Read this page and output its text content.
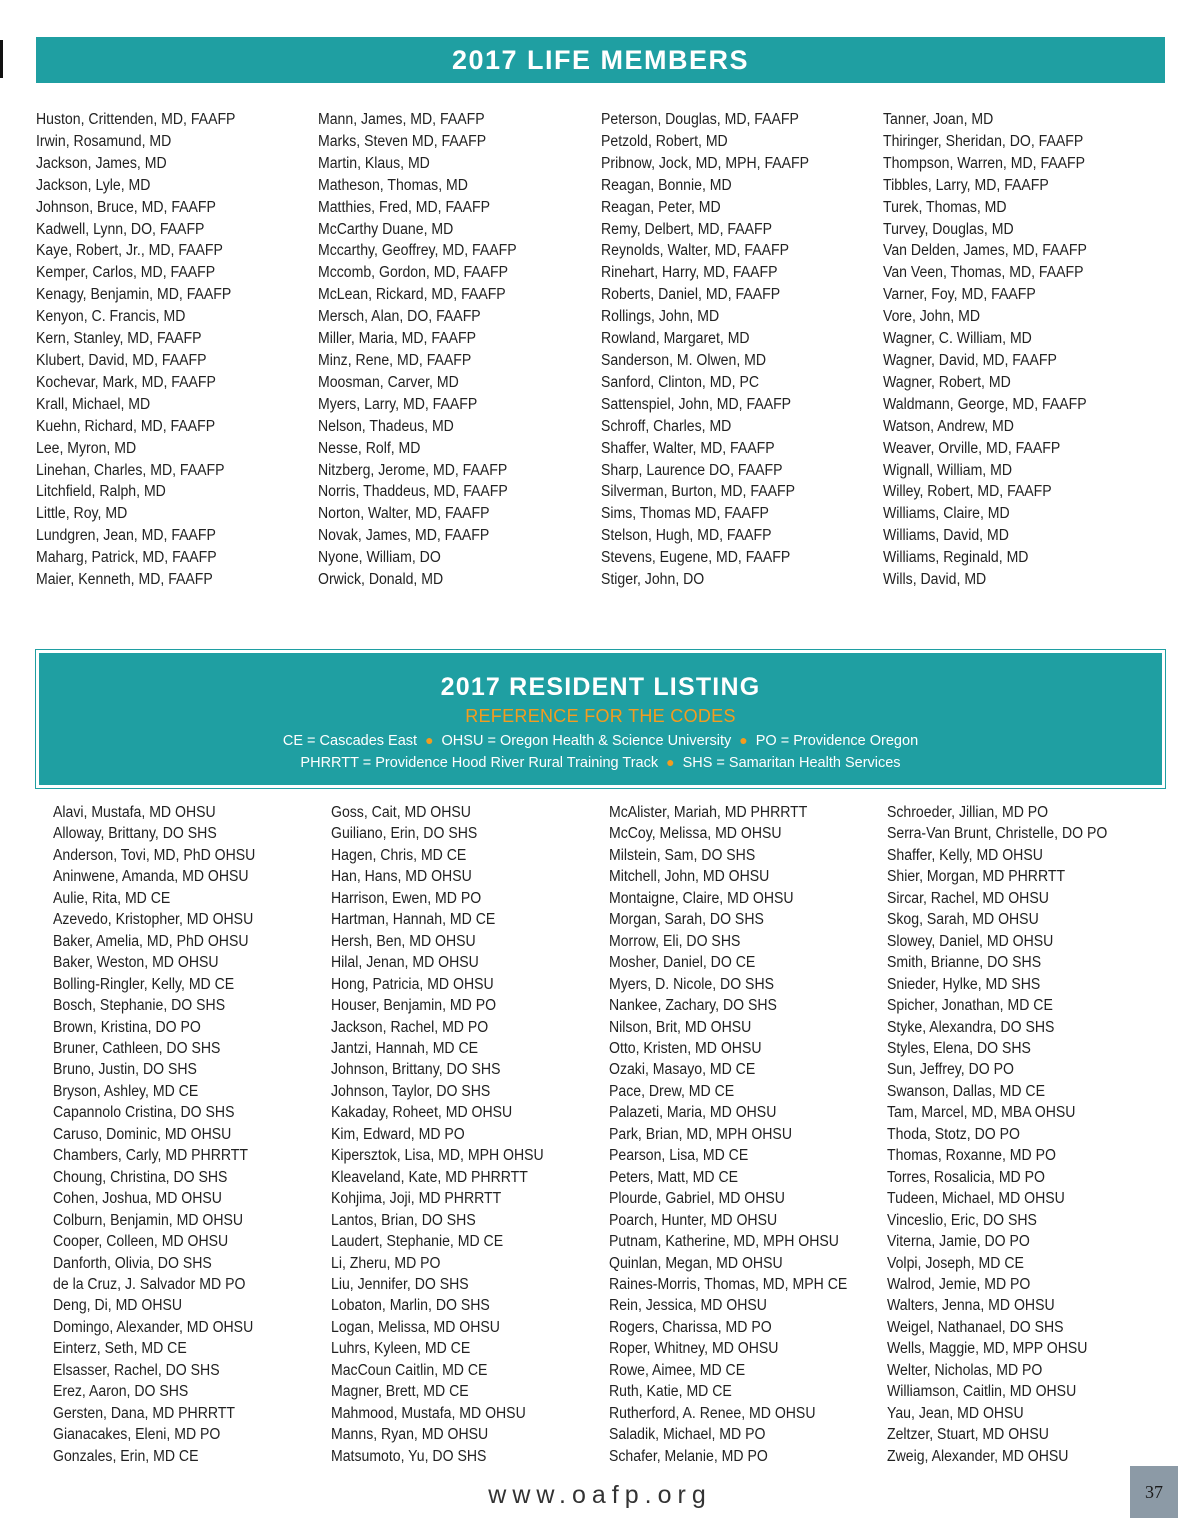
2017 LIFE MEMBERS
Huston, Crittenden, MD, FAAFP
Irwin, Rosamund, MD
Jackson, James, MD
Jackson, Lyle, MD
Johnson, Bruce, MD, FAAFP
Kadwell, Lynn, DO, FAAFP
Kaye, Robert, Jr., MD, FAAFP
Kemper, Carlos, MD, FAAFP
Kenagy, Benjamin, MD, FAAFP
Kenyon, C. Francis, MD
Kern, Stanley, MD, FAAFP
Klubert, David, MD, FAAFP
Kochevar, Mark, MD, FAAFP
Krall, Michael, MD
Kuehn, Richard, MD, FAAFP
Lee, Myron, MD
Linehan, Charles, MD, FAAFP
Litchfield, Ralph, MD
Little, Roy, MD
Lundgren, Jean, MD, FAAFP
Maharg, Patrick, MD, FAAFP
Maier, Kenneth, MD, FAAFP
Mann, James, MD, FAAFP
Marks, Steven MD, FAAFP
Martin, Klaus, MD
Matheson, Thomas, MD
Matthies, Fred, MD, FAAFP
McCarthy Duane, MD
Mccarthy, Geoffrey, MD, FAAFP
Mccomb, Gordon, MD, FAAFP
McLean, Rickard, MD, FAAFP
Mersch, Alan, DO, FAAFP
Miller, Maria, MD, FAAFP
Minz, Rene, MD, FAAFP
Moosman, Carver, MD
Myers, Larry, MD, FAAFP
Nelson, Thadeus, MD
Nesse, Rolf, MD
Nitzberg, Jerome, MD, FAAFP
Norris, Thaddeus, MD, FAAFP
Norton, Walter, MD, FAAFP
Novak, James, MD, FAAFP
Nyone, William, DO
Orwick, Donald, MD
Peterson, Douglas, MD, FAAFP
Petzold, Robert, MD
Pribnow, Jock, MD, MPH, FAAFP
Reagan, Bonnie, MD
Reagan, Peter, MD
Remy, Delbert, MD, FAAFP
Reynolds, Walter, MD, FAAFP
Rinehart, Harry, MD, FAAFP
Roberts, Daniel, MD, FAAFP
Rollings, John, MD
Rowland, Margaret, MD
Sanderson, M. Olwen, MD
Sanford, Clinton, MD, PC
Sattenspiel, John, MD, FAAFP
Schroff, Charles, MD
Shaffer, Walter, MD, FAAFP
Sharp, Laurence DO, FAAFP
Silverman, Burton, MD, FAAFP
Sims, Thomas MD, FAAFP
Stelson, Hugh, MD, FAAFP
Stevens, Eugene, MD, FAAFP
Stiger, John, DO
Tanner, Joan, MD
Thiringer, Sheridan, DO, FAAFP
Thompson, Warren, MD, FAAFP
Tibbles, Larry, MD, FAAFP
Turek, Thomas, MD
Turvey, Douglas, MD
Van Delden, James, MD, FAAFP
Van Veen, Thomas, MD, FAAFP
Varner, Foy, MD, FAAFP
Vore, John, MD
Wagner, C. William, MD
Wagner, David, MD, FAAFP
Wagner, Robert, MD
Waldmann, George, MD, FAAFP
Watson, Andrew, MD
Weaver, Orville, MD, FAAFP
Wignall, William, MD
Willey, Robert, MD, FAAFP
Williams, Claire, MD
Williams, David, MD
Williams, Reginald, MD
Wills, David, MD
2017 RESIDENT LISTING
REFERENCE FOR THE CODES
CE = Cascades East ● OHSU = Oregon Health & Science University ● PO = Providence Oregon
PHRRTT = Providence Hood River Rural Training Track ● SHS = Samaritan Health Services
Alavi, Mustafa, MD OHSU
Alloway, Brittany, DO SHS
Anderson, Tovi, MD, PhD OHSU
Aninwene, Amanda, MD OHSU
Aulie, Rita, MD CE
Azevedo, Kristopher, MD OHSU
Baker, Amelia, MD, PhD OHSU
Baker, Weston, MD OHSU
Bolling-Ringler, Kelly, MD CE
Bosch, Stephanie, DO SHS
Brown, Kristina, DO PO
Bruner, Cathleen, DO SHS
Bruno, Justin, DO SHS
Bryson, Ashley, MD CE
Capannolo Cristina, DO SHS
Caruso, Dominic, MD OHSU
Chambers, Carly, MD PHRRTT
Choung, Christina, DO SHS
Cohen, Joshua, MD OHSU
Colburn, Benjamin, MD OHSU
Cooper, Colleen, MD OHSU
Danforth, Olivia, DO SHS
de la Cruz, J. Salvador MD PO
Deng, Di, MD OHSU
Domingo, Alexander, MD OHSU
Einterz, Seth, MD CE
Elsasser, Rachel, DO SHS
Erez, Aaron, DO SHS
Gersten, Dana, MD PHRRTT
Gianacakes, Eleni, MD PO
Gonzales, Erin, MD CE
Goss, Cait, MD OHSU
Guiliano, Erin, DO SHS
Hagen, Chris, MD CE
Han, Hans, MD OHSU
Harrison, Ewen, MD PO
Hartman, Hannah, MD CE
Hersh, Ben, MD OHSU
Hilal, Jenan, MD OHSU
Hong, Patricia, MD OHSU
Houser, Benjamin, MD PO
Jackson, Rachel, MD PO
Jantzi, Hannah, MD CE
Johnson, Brittany, DO SHS
Johnson, Taylor, DO SHS
Kakaday, Roheet, MD OHSU
Kim, Edward, MD PO
Kipersztok, Lisa, MD, MPH OHSU
Kleaveland, Kate, MD PHRRTT
Kohjima, Joji, MD PHRRTT
Lantos, Brian, DO SHS
Laudert, Stephanie, MD CE
Li, Zheru, MD PO
Liu, Jennifer, DO SHS
Lobaton, Marlin, DO SHS
Logan, Melissa, MD OHSU
Luhrs, Kyleen, MD CE
MacCoun Caitlin, MD CE
Magner, Brett, MD CE
Mahmood, Mustafa, MD OHSU
Manns, Ryan, MD OHSU
Matsumoto, Yu, DO SHS
McAlister, Mariah, MD PHRRTT
McCoy, Melissa, MD OHSU
Milstein, Sam, DO SHS
Mitchell, John, MD OHSU
Montaigne, Claire, MD OHSU
Morgan, Sarah, DO SHS
Morrow, Eli, DO SHS
Mosher, Daniel, DO CE
Myers, D. Nicole, DO SHS
Nankee, Zachary, DO SHS
Nilson, Brit, MD OHSU
Otto, Kristen, MD OHSU
Ozaki, Masayo, MD CE
Pace, Drew, MD CE
Palazeti, Maria, MD OHSU
Park, Brian, MD, MPH OHSU
Pearson, Lisa, MD CE
Peters, Matt, MD CE
Plourde, Gabriel, MD OHSU
Poarch, Hunter, MD OHSU
Putnam, Katherine, MD, MPH OHSU
Quinlan, Megan, MD OHSU
Raines-Morris, Thomas, MD, MPH CE
Rein, Jessica, MD OHSU
Rogers, Charissa, MD PO
Roper, Whitney, MD OHSU
Rowe, Aimee, MD CE
Ruth, Katie, MD CE
Rutherford, A. Renee, MD OHSU
Saladik, Michael, MD PO
Schafer, Melanie, MD PO
Schroeder, Jillian, MD PO
Serra-Van Brunt, Christelle, DO PO
Shaffer, Kelly, MD OHSU
Shier, Morgan, MD PHRRTT
Sircar, Rachel, MD OHSU
Skog, Sarah, MD OHSU
Slowey, Daniel, MD OHSU
Smith, Brianne, DO SHS
Snieder, Hylke, MD SHS
Spicher, Jonathan, MD CE
Styke, Alexandra, DO SHS
Styles, Elena, DO SHS
Sun, Jeffrey, DO PO
Swanson, Dallas, MD CE
Tam, Marcel, MD, MBA OHSU
Thoda, Stotz, DO PO
Thomas, Roxanne, MD PO
Torres, Rosalicia, MD PO
Tudeen, Michael, MD OHSU
Vinceslio, Eric, DO SHS
Viterna, Jamie, DO PO
Volpi, Joseph, MD CE
Walrod, Jemie, MD PO
Walters, Jenna, MD OHSU
Weigel, Nathanael, DO SHS
Wells, Maggie, MD, MPP OHSU
Welter, Nicholas, MD PO
Williamson, Caitlin, MD OHSU
Yau, Jean, MD OHSU
Zeltzer, Stuart, MD OHSU
Zweig, Alexander, MD OHSU
www.oafp.org	37
